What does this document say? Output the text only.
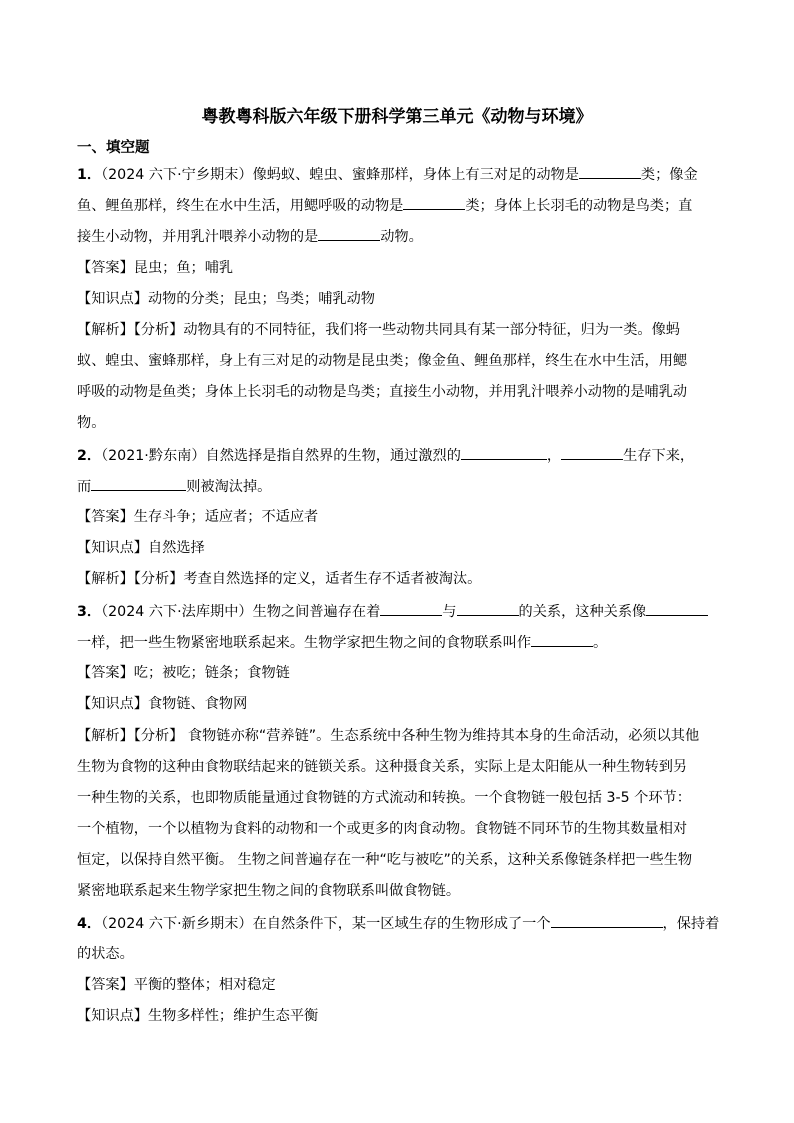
粤教粤科版六年级下册科学第三单元《动物与环境》
一、填空题
1．（2024 六下·宁乡期末）像蚂蚁、蝗虫、蜜蜂那样，身体上有三对足的动物是	类；像金
鱼、鲤鱼那样，终生在水中生活，用鳃呼吸的动物是	类；身体上长羽毛的动物是鸟类；直
接生小动物，并用乳汁喂养小动物的是	动物。
【答案】昆虫；鱼；哺乳
【知识点】动物的分类；昆虫；鸟类；哺乳动物
【解析】【分析】动物具有的不同特征，我们将一些动物共同具有某一部分特征，归为一类。像蚂
蚁、蝗虫、蜜蜂那样，身上有三对足的动物是昆虫类；像金鱼、鲤鱼那样，终生在水中生活，用鳃
呼吸的动物是鱼类；身体上长羽毛的动物是鸟类；直接生小动物，并用乳汁喂养小动物的是哺乳动
物。
2．（2021·黔东南）自然选择是指自然界的生物，通过激烈的	，	生存下来，
而	则被淘汰掉。
【答案】生存斗争；适应者；不适应者
【知识点】自然选择
【解析】【分析】考查自然选择的定义，适者生存不适者被淘汰。
3．（2024 六下·法库期中）生物之间普遍存在着	与	的关系，这种关系像
一样，把一些生物紧密地联系起来。生物学家把生物之间的食物联系叫作	。
【答案】吃；被吃；链条；食物链
【知识点】食物链、食物网
【解析】【分析】 食物链亦称“营养链”。生态系统中各种生物为维持其本身的生命活动，必须以其他
生物为食物的这种由食物联结起来的链锁关系。这种摄食关系，实际上是太阳能从一种生物转到另
一种生物的关系，也即物质能量通过食物链的方式流动和转换。一个食物链一般包括 3-5 个环节：
一个植物，一个以植物为食料的动物和一个或更多的肉食动物。食物链不同环节的生物其数量相对
恒定，以保持自然平衡。 生物之间普遍存在一种“吃与被吃”的关系，这种关系像链条样把一些生物
紧密地联系起来生物学家把生物之间的食物联系叫做食物链。
4．（2024 六下·新乡期末）在自然条件下，某一区域生存的生物形成了一个	，保持着
的状态。
【答案】平衡的整体；相对稳定
【知识点】生物多样性；维护生态平衡
